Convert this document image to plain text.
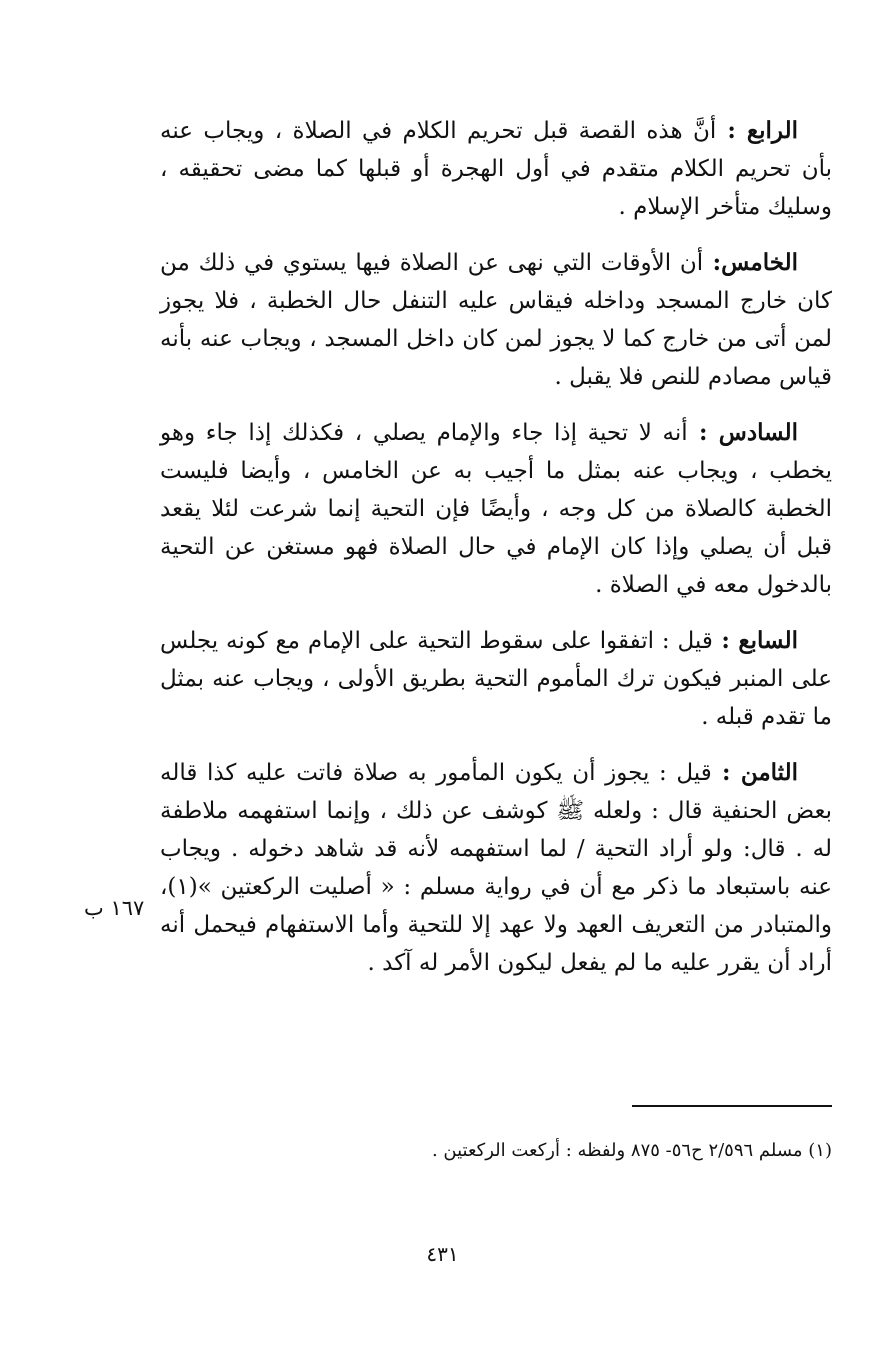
الرابع :أنَّ هذه القصة قبل تحريم الكلام في الصلاة ، ويجاب عنه بأن تحريم الكلام متقدم في أول الهجرة أو قبلها كما مضى تحقيقه ، وسليك متأخر الإسلام .

الخامس:أن الأوقات التي نهى عن الصلاة فيها يستوي في ذلك من كان خارج المسجد وداخله فيقاس عليه التنفل حال الخطبة ، فلا يجوز لمن أتى من خارج كما لا يجوز لمن كان داخل المسجد ، ويجاب عنه بأنه قياس مصادم للنص فلا يقبل .

السادس :أنه لا تحية إذا جاء والإمام يصلي ، فكذلك إذا جاء وهو يخطب ، ويجاب عنه بمثل ما أجيب به عن الخامس ، وأيضا فليست الخطبة كالصلاة من كل وجه ، وأيضًا فإن التحية إنما شرعت لئلا يقعد قبل أن يصلي وإذا كان الإمام في حال الصلاة فهو مستغن عن التحية بالدخول معه في الصلاة .

السابع :قيل : اتفقوا على سقوط التحية على الإمام مع كونه يجلس على المنبر فيكون ترك المأموم التحية بطريق الأولى ، ويجاب عنه بمثل ما تقدم قبله .

الثامن :قيل : يجوز أن يكون المأمور به صلاة فاتت عليه كذا قاله بعض الحنفية قال : ولعله ﷺ كوشف عن ذلك ، وإنما استفهمه ملاطفة له . قال: ولو أراد التحية / لما استفهمه لأنه قد شاهد دخوله . ويجاب عنه باستبعاد ما ذكر مع أن في رواية مسلم : « أصليت الركعتين »(١)، والمتبادر من التعريف العهد ولا عهد إلا للتحية وأما الاستفهام فيحمل أنه أراد أن يقرر عليه ما لم يفعل ليكون الأمر له آكد .

١٦٧ ب
(١) مسلم ٢/٥٩٦ ح٥٦- ٨٧٥ ولفظه : أركعت الركعتين .
٤٣١
